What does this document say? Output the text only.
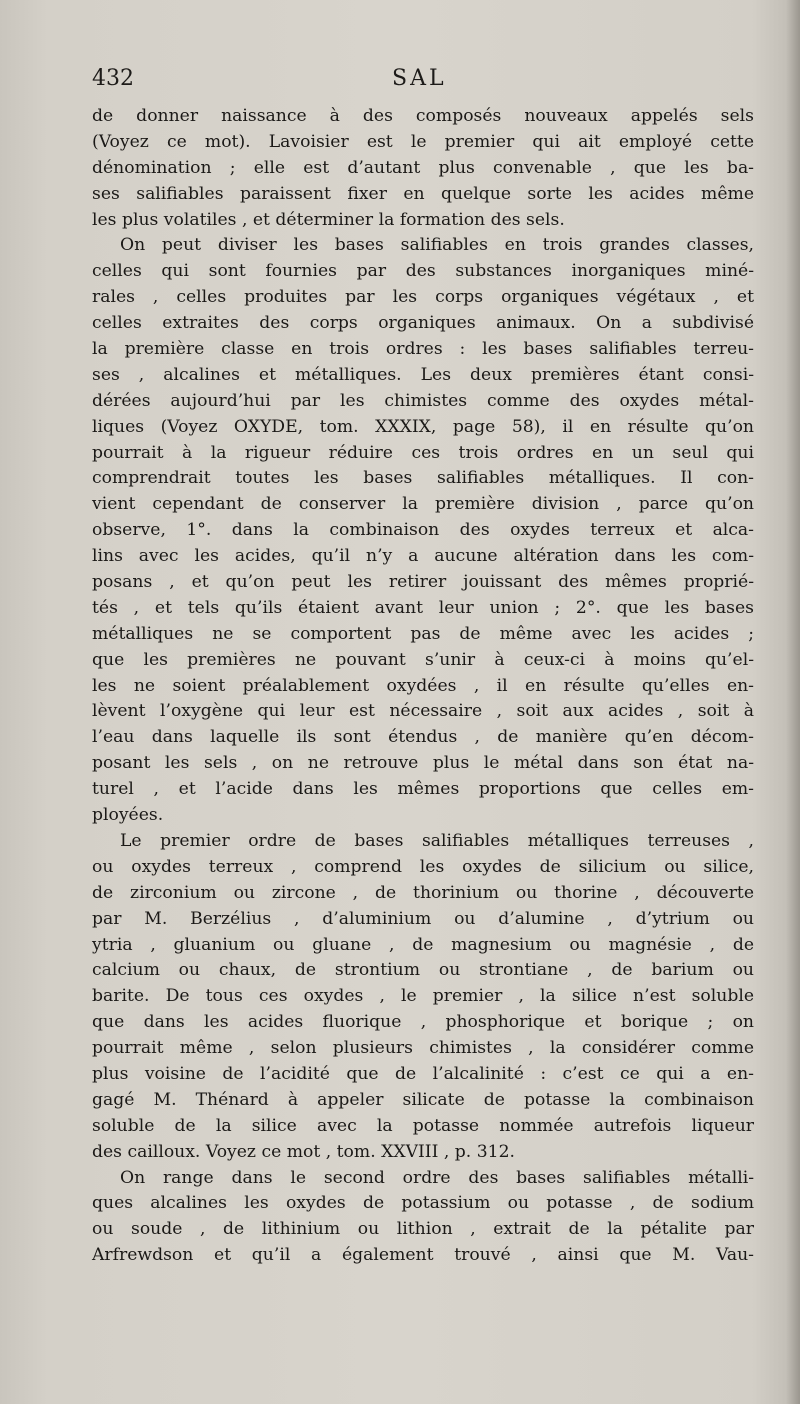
432	SAL
de donner naissance à des composés nouveaux appelés sels
(Voyez ce mot). Lavoisier est le premier qui ait employé cette
dénomination ; elle est d’autant plus convenable , que les ba-
ses salifiables paraissent fixer en quelque sorte les acides même
les plus volatiles , et déterminer la formation des sels.
On peut diviser les bases salifiables en trois grandes classes,
celles qui sont fournies par des substances inorganiques miné-
rales , celles produites par les corps organiques végétaux , et
celles extraites des corps organiques animaux. On a subdivisé
la première classe en trois ordres : les bases salifiables terreu-
ses , alcalines et métalliques. Les deux premières étant consi-
dérées aujourd’hui par les chimistes comme des oxydes métal-
liques (Voyez OXYDE, tom. XXXIX, page 58), il en résulte qu’on
pourrait à la rigueur réduire ces trois ordres en un seul qui
comprendrait toutes les bases salifiables métalliques. Il con-
vient cependant de conserver la première division , parce qu’on
observe, 1°. dans la combinaison des oxydes terreux et alca-
lins avec les acides, qu’il n’y a aucune altération dans les com-
posans , et qu’on peut les retirer jouissant des mêmes proprié-
tés , et tels qu’ils étaient avant leur union ; 2°. que les bases
métalliques ne se comportent pas de même avec les acides ;
que les premières ne pouvant s’unir à ceux-ci à moins qu’el-
les ne soient préalablement oxydées , il en résulte qu’elles en-
lèvent l’oxygène qui leur est nécessaire , soit aux acides , soit à
l’eau dans laquelle ils sont étendus , de manière qu’en décom-
posant les sels , on ne retrouve plus le métal dans son état na-
turel , et l’acide dans les mêmes proportions que celles em-
ployées.
Le premier ordre de bases salifiables métalliques terreuses ,
ou oxydes terreux , comprend les oxydes de silicium ou silice,
de zirconium ou zircone , de thorinium ou thorine , découverte
par M. Berzélius , d’aluminium ou d’alumine , d’ytrium ou
ytria , gluanium ou gluane , de magnesium ou magnésie , de
calcium ou chaux, de strontium ou strontiane , de barium ou
barite. De tous ces oxydes , le premier , la silice n’est soluble
que dans les acides fluorique , phosphorique et borique ; on
pourrait même , selon plusieurs chimistes , la considérer comme
plus voisine de l’acidité que de l’alcalinité : c’est ce qui a en-
gagé M. Thénard à appeler silicate de potasse la combinaison
soluble de la silice avec la potasse nommée autrefois liqueur
des cailloux. Voyez ce mot , tom. XXVIII , p. 312.
On range dans le second ordre des bases salifiables métalli-
ques alcalines les oxydes de potassium ou potasse , de sodium
ou soude , de lithinium ou lithion , extrait de la pétalite par
Arfrewdson et qu’il a également trouvé , ainsi que M. Vau-
